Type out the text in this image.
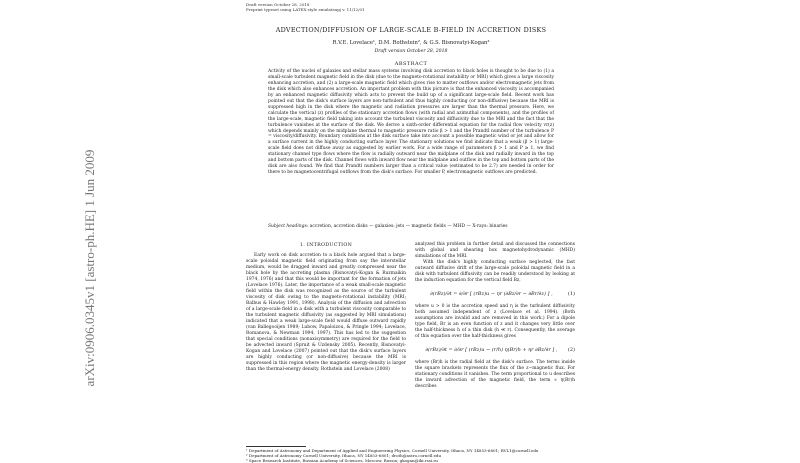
Draft version October 28, 2018
Preprint typeset using LATEX style emulateapj v. 11/12/01
arXiv:0906.0345v1 [astro-ph.HE] 1 Jun 2009
ADVECTION/DIFFUSION OF LARGE-SCALE B-FIELD IN ACCRETION DISKS
R.V.E. Lovelace¹, D.M. Rothstein², & G.S. Bisnovatyi-Kogan³
Draft version October 28, 2018
ABSTRACT
Activity of the nuclei of galaxies and stellar mass systems involving disk accretion to black holes is thought to be due to (1) a small-scale turbulent magnetic field in the disk (due to the magneto-rotational instability or MRI) which gives a large viscosity enhancing accretion, and (2) a large-scale magnetic field which gives rise to matter outflows and/or electromagnetic jets from the disk which also enhances accretion. An important problem with this picture is that the enhanced viscosity is accompanied by an enhanced magnetic diffusivity which acts to prevent the build up of a significant large-scale field. Recent work has pointed out that the disk's surface layers are non-turbulent and thus highly conducting (or non-diffusive) because the MRI is suppressed high in the disk where the magnetic and radiation pressures are larger than the thermal pressure. Here, we calculate the vertical (z) profiles of the stationary accretion flows (with radial and azimuthal components), and the profiles of the large-scale, magnetic field taking into account the turbulent viscosity and diffusivity due to the MRI and the fact that the turbulence vanishes at the surface of the disk. We derive a sixth-order differential equation for the radial flow velocity vr(z) which depends mainly on the midplane thermal to magnetic pressure ratio β > 1 and the Prandtl number of the turbulence P = viscosity/diffusivity. Boundary conditions at the disk surface take into account a possible magnetic wind or jet and allow for a surface current in the highly conducting surface layer. The stationary solutions we find indicate that a weak (β > 1) large-scale field does not diffuse away as suggested by earlier work. For a wide range of parameters β > 1 and P ≥ 1, we find stationary channel type flows where the flow is radially outward near the midplane of the disk and radially inward in the top and bottom parts of the disk. Channel flows with inward flow near the midplane and outflow in the top and bottom parts of the disk are also found. We find that Prandtl numbers larger than a critical value (estimated to be 2.7) are needed in order for there to be magnetocentrifugal outflows from the disk's surface. For smaller P, electromagnetic outflows are predicted.
Subject headings: accretion, accretion disks — galaxies: jets — magnetic fields — MHD — X-rays: binaries
1. INTRODUCTION

Early work on disk accretion to a black hole argued that a large-scale poloidal magnetic field originating from say the interstellar medium, would be dragged inward and greatly compressed near the black hole by the accreting plasma (Bisnovatyi-Kogan & Ruzmaikin 1974, 1976) and that this would be important for the formation of jets (Lovelace 1976). Later, the importance of a weak small-scale magnetic field within the disk was recognized as the source of the turbulent viscosity of disk owing to the magneto-rotational instability (MRI; Balbus & Hawley 1991, 1998). Analysis of the diffusion and advection of a large-scale field in a disk with a turbulent viscosity comparable to the turbulent magnetic diffusivity (as suggested by MRI simulations) indicated that a weak large-scale field would diffuse outward rapidly (van Ballegooijen 1989; Lubow, Papaloizou, & Pringle 1994; Lovelace, Romanova, & Newman 1994, 1997). This has led to the suggestion that special conditions (nonaxisymmetry) are required for the field to be advected inward (Spruit & Uzdensky 2005). Recently, Bisnovatyi-Kogan and Lovelace (2007) pointed out that the disk's surface layers are highly conducting (or non-diffusive) because the MRI is suppressed in this region where the magnetic energy-density is larger than the thermal-energy density. Rothstein and Lovelace (2008)

analyzed this problem in further detail and discussed the connections with global and shearing box magnetohydrodynamic (MHD) simulations of the MRI.

With the disk's highly conducting surface neglected, the fast outward diffusive drift of the large-scale poloidal magnetic field in a disk with turbulent diffusivity can be readily understood by looking at the induction equation for the vertical field Bz,

∂(rBz)/∂t = ∂/∂r [ (rBz)u − ηr (∂Bz/∂r − ∂Br/∂z) ] ,	(1)

where u > 0 is the accretion speed and η is the turbulent diffusivity both assumed independent of z (Lovelace et al. 1994). (Both assumptions are invalid and are removed in this work.) For a dipole type field, Br is an even function of z and it changes very little over the half-thickness h of a thin disk (h ≪ r). Consequently, the average of this equation over the half-thickness gives

∂(rBz)/∂t = ∂/∂r [ (rBz)u − (r/h) η(Br)h + ηr ∂Bz/∂r ] , (2)

where (Br)h is the radial field at the disk's surface. The terms inside the square brackets represents the flux of the z−magnetic flux. For stationary conditions it vanishes. The term proportional to u describes the inward advection of the magnetic field, the term ∝ η(Br)h describes

¹ Department of Astronomy and Department of Applied and Engineering Physics, Cornell University, Ithaca, NY 14853-6801; RVL1@cornell.edu
² Department of Astronomy Cornell University, Ithaca, NY 14853-6801; droth@astro.cornell.edu
³ Space Research Institute, Russian Academy of Sciences, Moscow, Russia; gkogan@iki.rssi.ru
